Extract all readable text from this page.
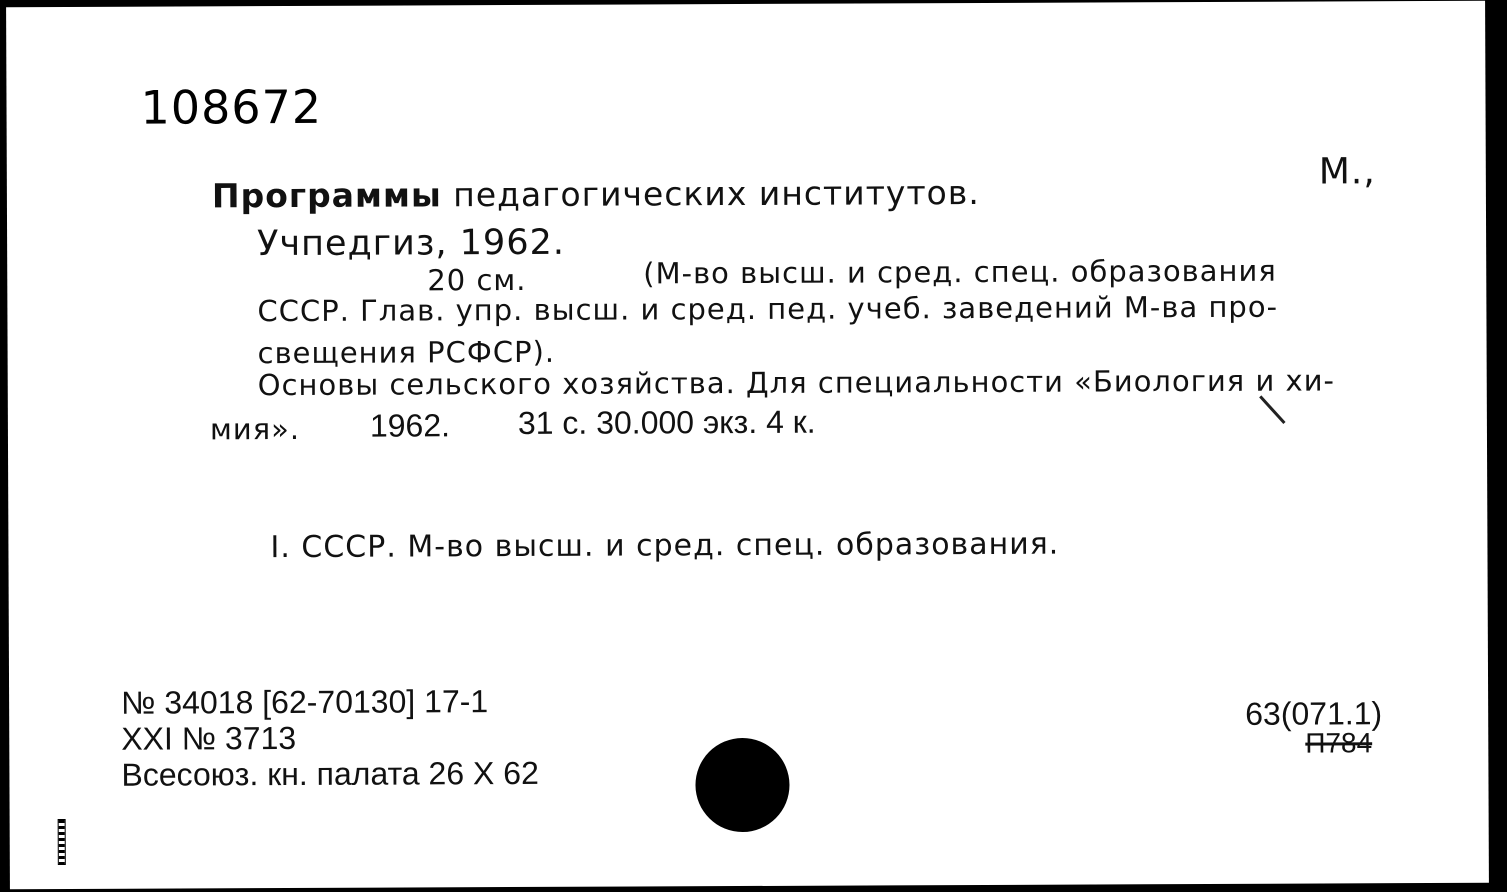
108672
Программы педагогических институтов.
М.,
Учпедгиз, 1962.
20 см.	(М-во высш. и сред. спец. образования
СССР. Глав. упр. высш. и сред. пед. учеб. заведений М-ва про-
свещения РСФСР).
Основы сельского хозяйства. Для специальности «Биология и хи-
мия». 1962. 31 с. 30.000 экз. 4 к.
I. СССР. М-во высш. и сред. спец. образования.
№ 34018 [62-70130] 17-1
XXI № 3713
Всесоюз. кн. палата 26 X 62
63(071.1)
П784
